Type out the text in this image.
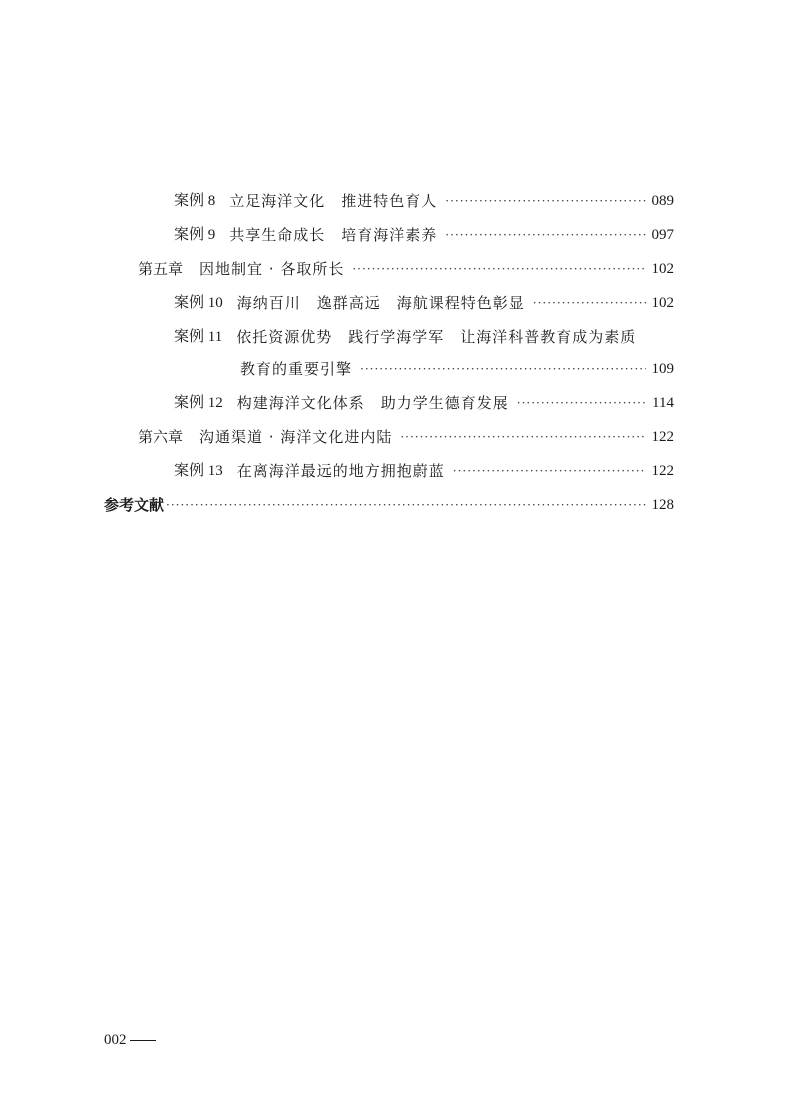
案例 8 立足海洋文化　推进特色育人 ·····	089
案例 9 共享生命成长　培育海洋素养 ·····	097
第五章 因地制宜 · 各取所长 ·····	102
案例 10 海纳百川　逸群高远　海航课程特色彰显 ·····	102
案例 11 依托资源优势　践行学海学军　让海洋科普教育成为素质
教育的重要引擎 ·····	109
案例 12 构建海洋文化体系　助力学生德育发展 ·····	114
第六章 沟通渠道 · 海洋文化进内陆 ·····	122
案例 13 在离海洋最远的地方拥抱蔚蓝 ·····	122
参考文献 ·····	128
002
